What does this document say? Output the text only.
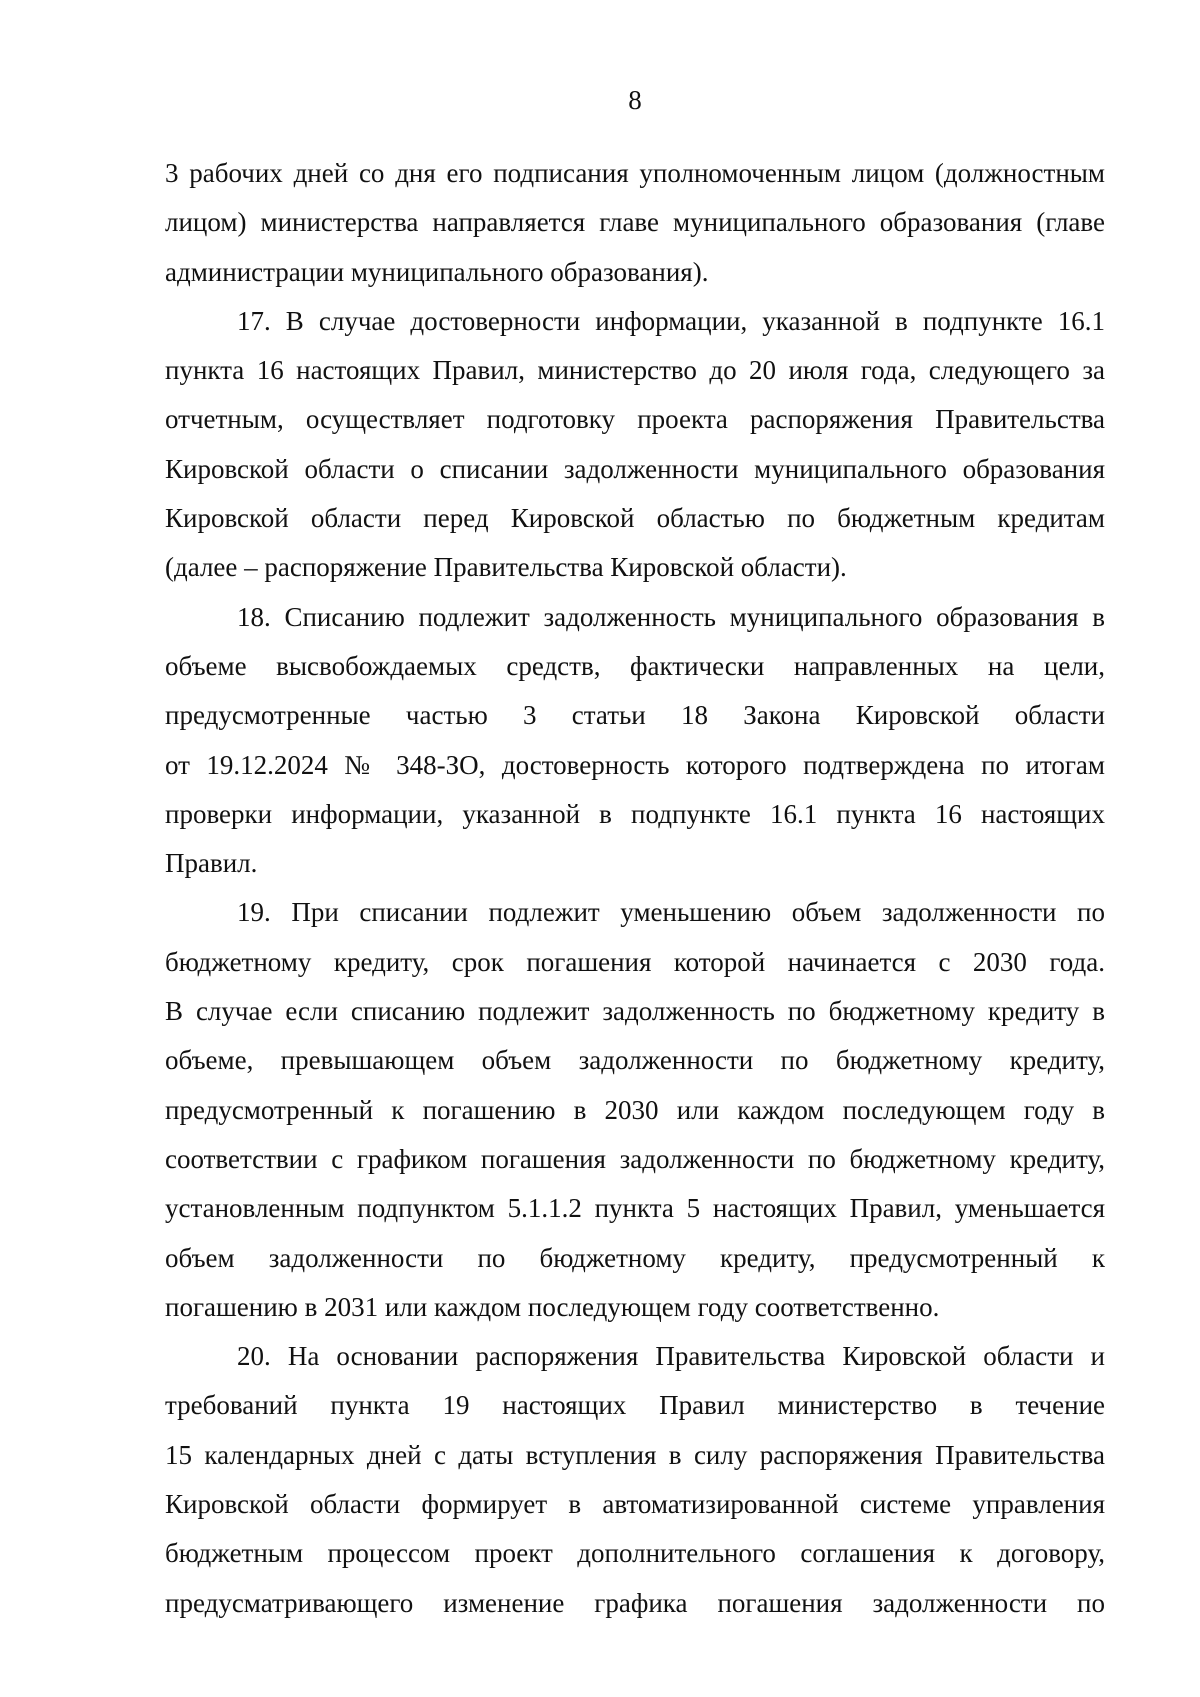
8
3 рабочих дней со дня его подписания уполномоченным лицом (должностным
лицом) министерства направляется главе муниципального образования (главе
администрации муниципального образования).
17. В случае достоверности информации, указанной в подпункте 16.1
пункта 16 настоящих Правил, министерство до 20 июля года, следующего за
отчетным, осуществляет подготовку проекта распоряжения Правительства
Кировской области о списании задолженности муниципального образования
Кировской области перед Кировской областью по бюджетным кредитам
(далее – распоряжение Правительства Кировской области).
18. Списанию подлежит задолженность муниципального образования в
объеме высвобождаемых средств, фактически направленных на цели,
предусмотренные частью 3 статьи 18 Закона Кировской области
от 19.12.2024 № 348-ЗО, достоверность которого подтверждена по итогам
проверки информации, указанной в подпункте 16.1 пункта 16 настоящих
Правил.
19. При списании подлежит уменьшению объем задолженности по
бюджетному кредиту, срок погашения которой начинается с 2030 года.
В случае если списанию подлежит задолженность по бюджетному кредиту в
объеме, превышающем объем задолженности по бюджетному кредиту,
предусмотренный к погашению в 2030 или каждом последующем году в
соответствии с графиком погашения задолженности по бюджетному кредиту,
установленным подпунктом 5.1.1.2 пункта 5 настоящих Правил, уменьшается
объем задолженности по бюджетному кредиту, предусмотренный к
погашению в 2031 или каждом последующем году соответственно.
20. На основании распоряжения Правительства Кировской области и
требований пункта 19 настоящих Правил министерство в течение
15 календарных дней с даты вступления в силу распоряжения Правительства
Кировской области формирует в автоматизированной системе управления
бюджетным процессом проект дополнительного соглашения к договору,
предусматривающего изменение графика погашения задолженности по
